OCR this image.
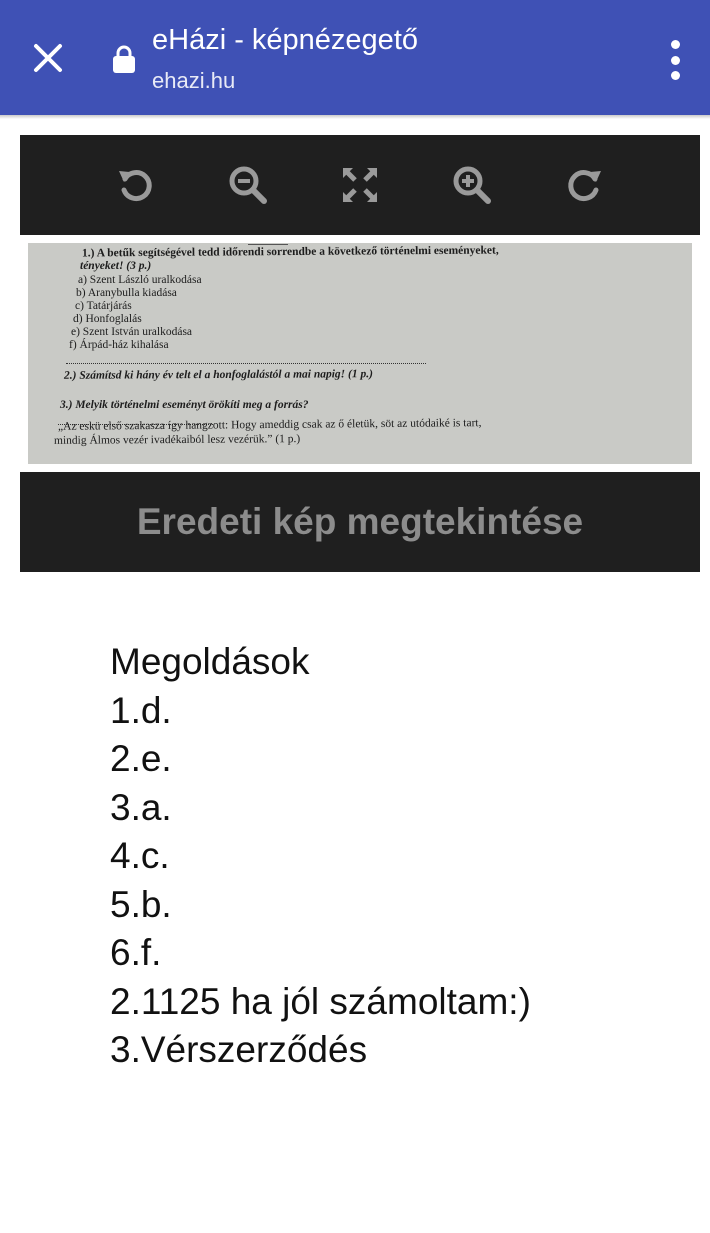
eHázi - képnézegető
ehazi.hu
1.) A betűk segítségével tedd időrendi sorrendbe a következő történelmi eseményeket,
tényeket! (3 p.)
a) Szent László uralkodása
b) Aranybulla kiadása
c) Tatárjárás
d) Honfoglalás
e) Szent István uralkodása
f) Árpád-ház kihalása
2.) Számítsd ki hány év telt el a honfoglalástól a mai napig! (1 p.)
3.) Melyik történelmi eseményt örökíti meg a forrás?
„Az eskü első szakasza így hangzott: Hogy ameddig csak az ő életük, söt az utódaiké is tart,
mindig Álmos vezér ivadékaiból lesz vezérük.” (1 p.)
Eredeti kép megtekintése
Megoldások
1.d.
2.e.
3.a.
4.c.
5.b.
6.f.
2.1125 ha jól számoltam:)
3.Vérszerződés
